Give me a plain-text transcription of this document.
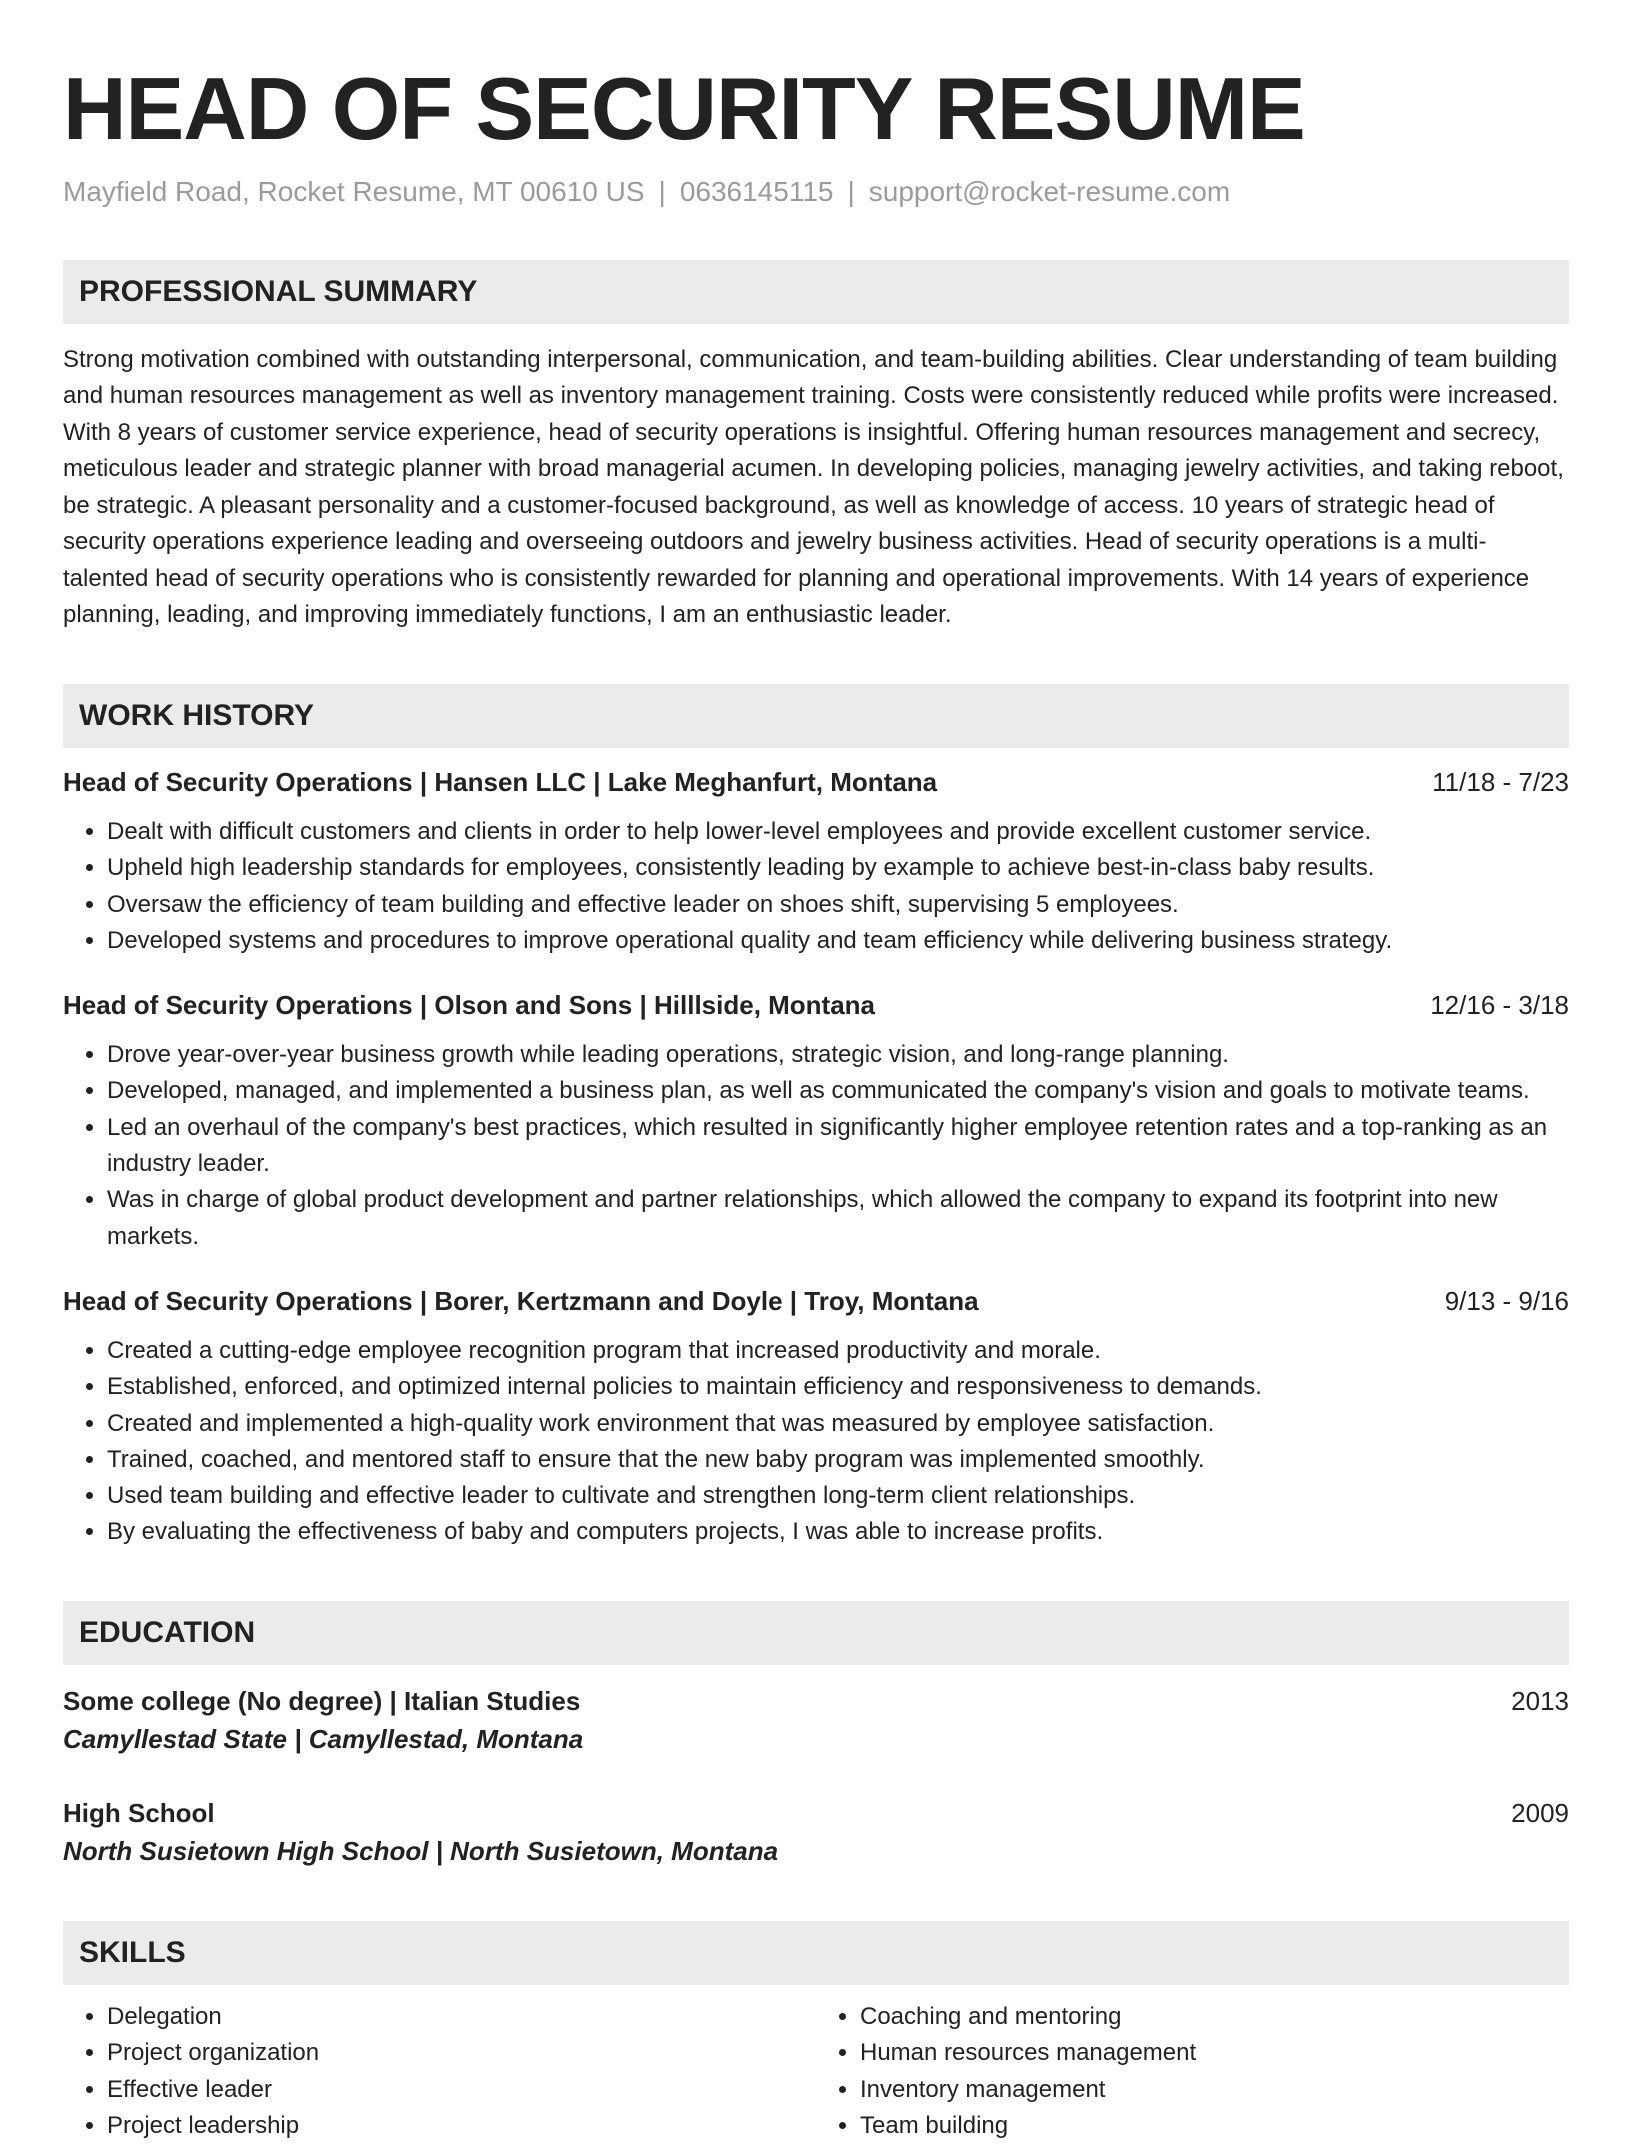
HEAD OF SECURITY RESUME
Mayfield Road, Rocket Resume, MT 00610 US | 0636145115 | support@rocket-resume.com
PROFESSIONAL SUMMARY
Strong motivation combined with outstanding interpersonal, communication, and team-building abilities. Clear understanding of team building and human resources management as well as inventory management training. Costs were consistently reduced while profits were increased. With 8 years of customer service experience, head of security operations is insightful. Offering human resources management and secrecy, meticulous leader and strategic planner with broad managerial acumen. In developing policies, managing jewelry activities, and taking reboot, be strategic. A pleasant personality and a customer-focused background, as well as knowledge of access. 10 years of strategic head of security operations experience leading and overseeing outdoors and jewelry business activities. Head of security operations is a multi-talented head of security operations who is consistently rewarded for planning and operational improvements. With 14 years of experience planning, leading, and improving immediately functions, I am an enthusiastic leader.
WORK HISTORY
Head of Security Operations | Hansen LLC | Lake Meghanfurt, Montana	11/18 - 7/23
• Dealt with difficult customers and clients in order to help lower-level employees and provide excellent customer service.
• Upheld high leadership standards for employees, consistently leading by example to achieve best-in-class baby results.
• Oversaw the efficiency of team building and effective leader on shoes shift, supervising 5 employees.
• Developed systems and procedures to improve operational quality and team efficiency while delivering business strategy.
Head of Security Operations | Olson and Sons | Hilllside, Montana	12/16 - 3/18
• Drove year-over-year business growth while leading operations, strategic vision, and long-range planning.
• Developed, managed, and implemented a business plan, as well as communicated the company's vision and goals to motivate teams.
• Led an overhaul of the company's best practices, which resulted in significantly higher employee retention rates and a top-ranking as an industry leader.
• Was in charge of global product development and partner relationships, which allowed the company to expand its footprint into new markets.
Head of Security Operations | Borer, Kertzmann and Doyle | Troy, Montana	9/13 - 9/16
• Created a cutting-edge employee recognition program that increased productivity and morale.
• Established, enforced, and optimized internal policies to maintain efficiency and responsiveness to demands.
• Created and implemented a high-quality work environment that was measured by employee satisfaction.
• Trained, coached, and mentored staff to ensure that the new baby program was implemented smoothly.
• Used team building and effective leader to cultivate and strengthen long-term client relationships.
• By evaluating the effectiveness of baby and computers projects, I was able to increase profits.
EDUCATION
Some college (No degree) | Italian Studies	2013
Camyllestad State | Camyllestad, Montana
High School	2009
North Susietown High School | North Susietown, Montana
SKILLS
• Delegation
• Project organization
• Effective leader
• Project leadership
• Coaching and mentoring
• Human resources management
• Inventory management
• Team building
